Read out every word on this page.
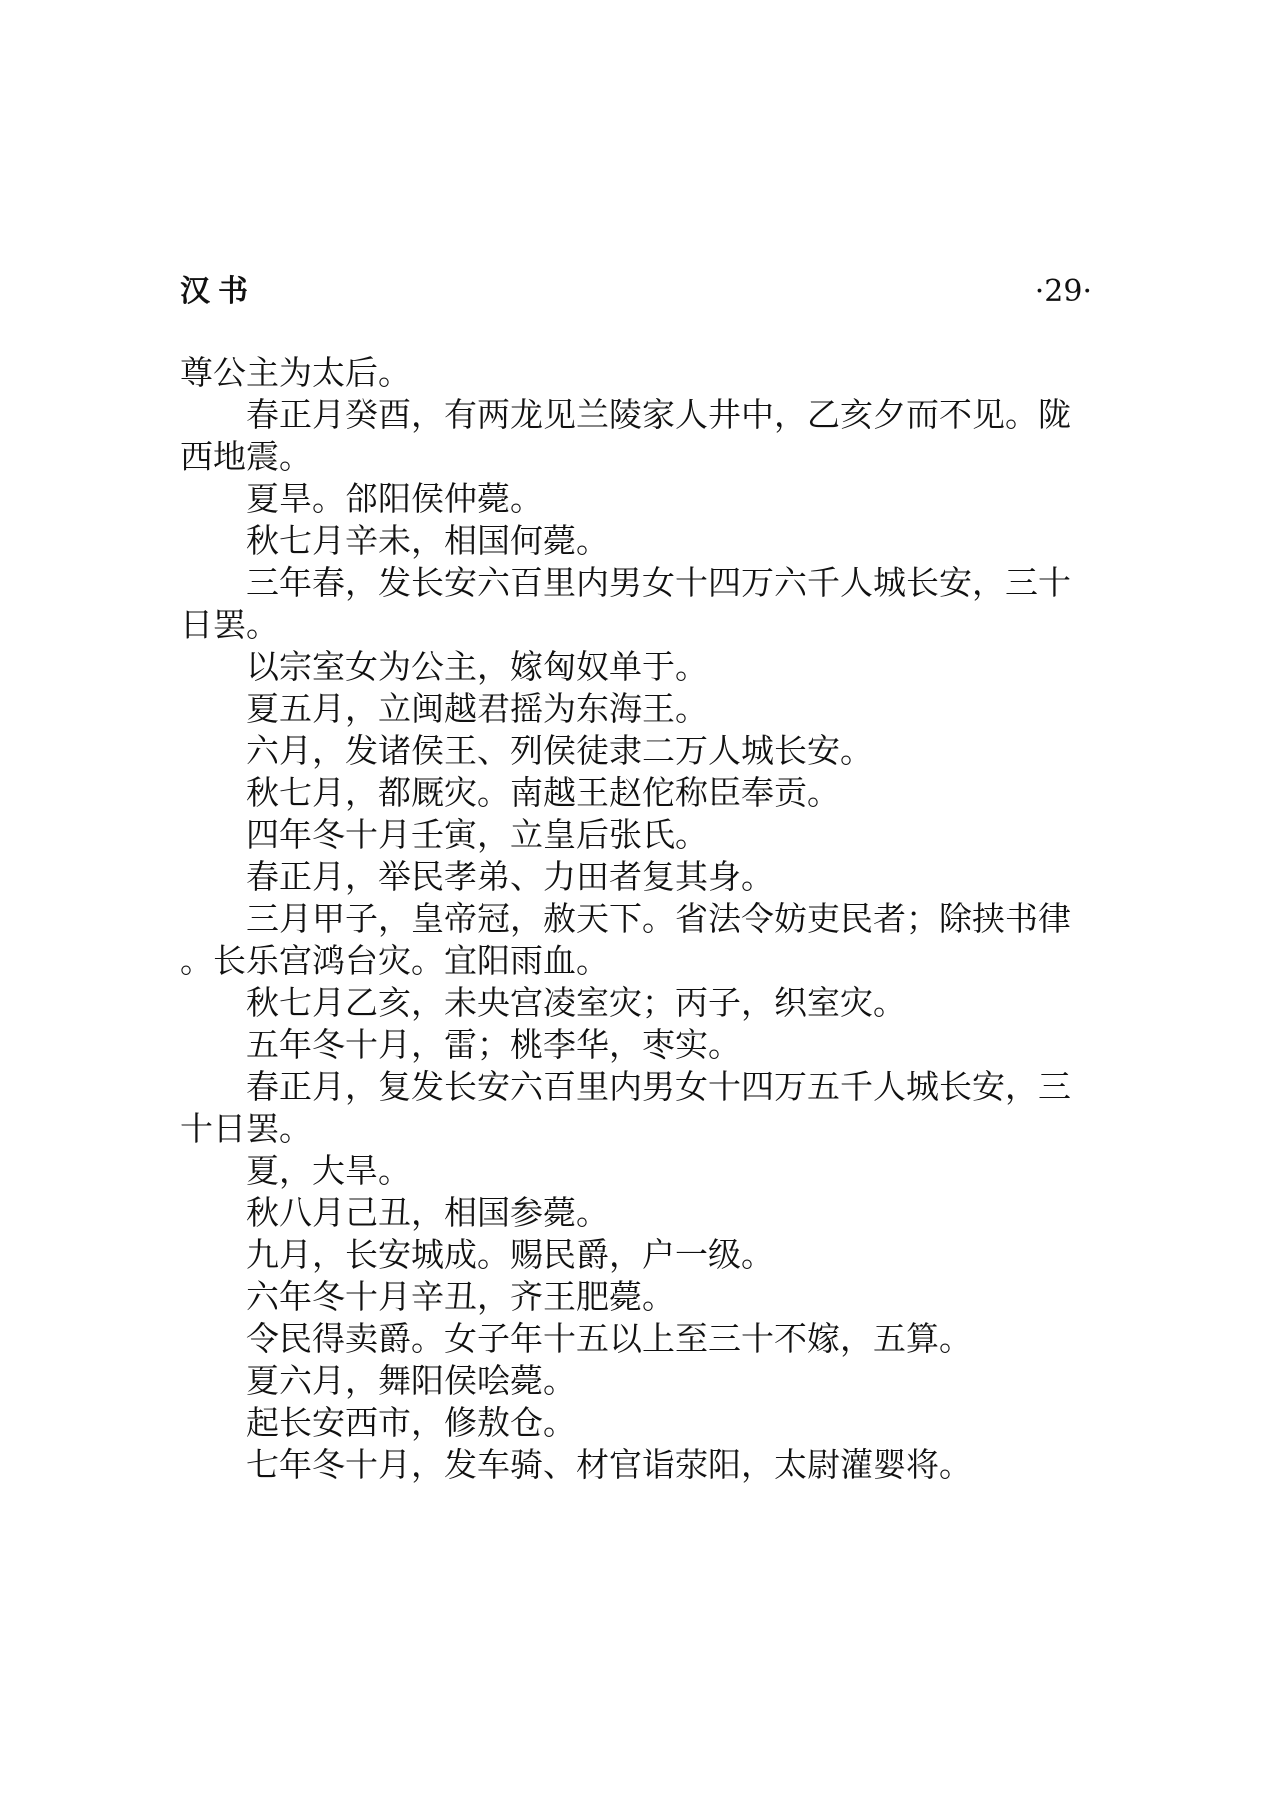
汉书	·29·

尊公主为太后。

春正月癸酉，有两龙见兰陵家人井中，乙亥夕而不见。陇西地震。

夏旱。郃阳侯仲薨。

秋七月辛未，相国何薨。

三年春，发长安六百里内男女十四万六千人城长安，三十日罢。

以宗室女为公主，嫁匈奴单于。

夏五月，立闽越君摇为东海王。

六月，发诸侯王、列侯徒隶二万人城长安。

秋七月，都厩灾。南越王赵佗称臣奉贡。

四年冬十月壬寅，立皇后张氏。

春正月，举民孝弟、力田者复其身。

三月甲子，皇帝冠，赦天下。省法令妨吏民者；除挟书律。长乐宫鸿台灾。宜阳雨血。

秋七月乙亥，未央宫凌室灾；丙子，织室灾。

五年冬十月，雷；桃李华，枣实。

春正月，复发长安六百里内男女十四万五千人城长安，三十日罢。

夏，大旱。

秋八月己丑，相国参薨。

九月，长安城成。赐民爵，户一级。

六年冬十月辛丑，齐王肥薨。

令民得卖爵。女子年十五以上至三十不嫁，五算。

夏六月，舞阳侯哙薨。

起长安西市，修敖仓。

七年冬十月，发车骑、材官诣荥阳，太尉灌婴将。
